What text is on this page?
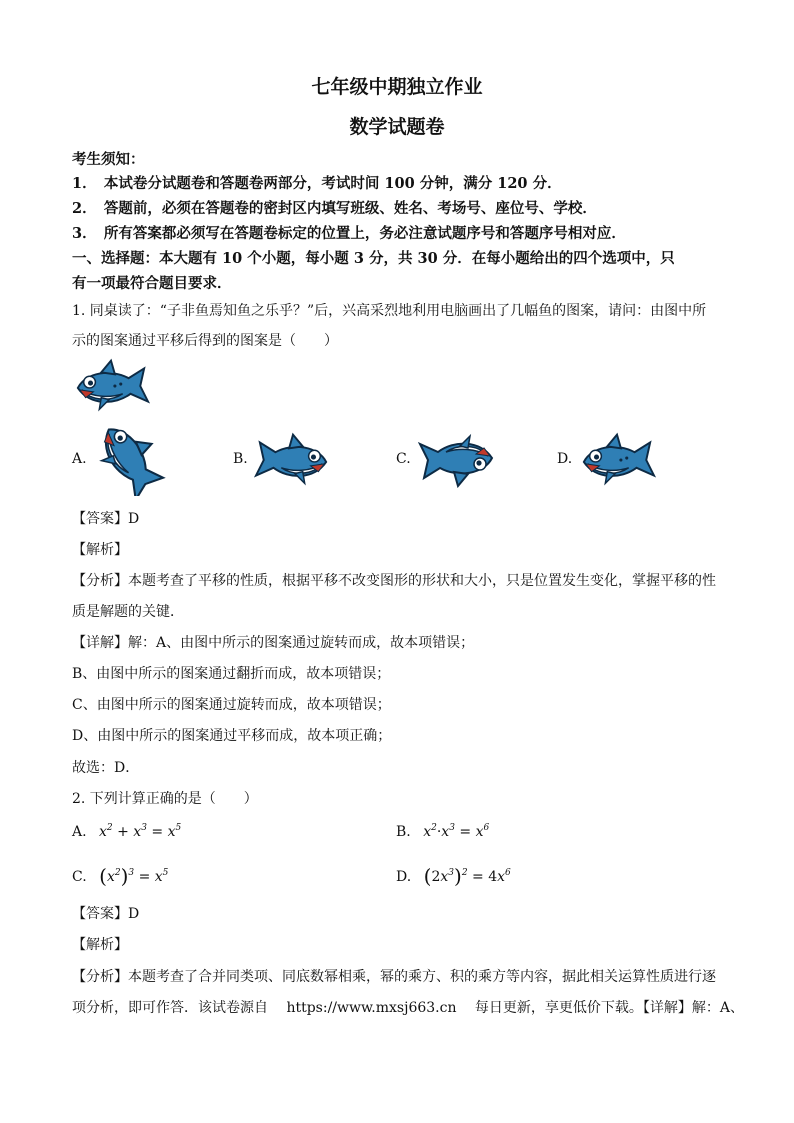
七年级中期独立作业
数学试题卷
考生须知：
1．　本试卷分试题卷和答题卷两部分，考试时间 100 分钟，满分 120 分．
2．　答题前，必须在答题卷的密封区内填写班级、姓名、考场号、座位号、学校．
3．　所有答案都必须写在答题卷标定的位置上，务必注意试题序号和答题序号相对应．
一、选择题：本大题有 10 个小题，每小题 3 分，共 30 分．在每小题给出的四个选项中，只
有一项最符合题目要求．
1. 同桌读了：“子非鱼焉知鱼之乐乎？”后，兴高采烈地利用电脑画出了几幅鱼的图案，请问：由图中所
示的图案通过平移后得到的图案是（　　）
A.	B.	C.	D.
【答案】D
【解析】
【分析】本题考查了平移的性质，根据平移不改变图形的形状和大小，只是位置发生变化，掌握平移的性
质是解题的关键．
【详解】解：A、由图中所示的图案通过旋转而成，故本项错误；
B、由图中所示的图案通过翻折而成，故本项错误；
C、由图中所示的图案通过旋转而成，故本项错误；
D、由图中所示的图案通过平移而成，故本项正确；
故选：D．
2. 下列计算正确的是（　　）
A. $x^2 + x^3 = x^5$	B. $x^2\cdot x^3 = x^6$
C. $(x^2)^3 = x^5$	D. $(2x^3)^2 = 4x^6$
【答案】D
【解析】
【分析】本题考查了合并同类项、同底数幂相乘，幂的乘方、积的乘方等内容，据此相关运算性质进行逐
项分析，即可作答．该试卷源自　 https://www.mxsj663.cn　 每日更新，享更低价下载。【详解】解：A、
